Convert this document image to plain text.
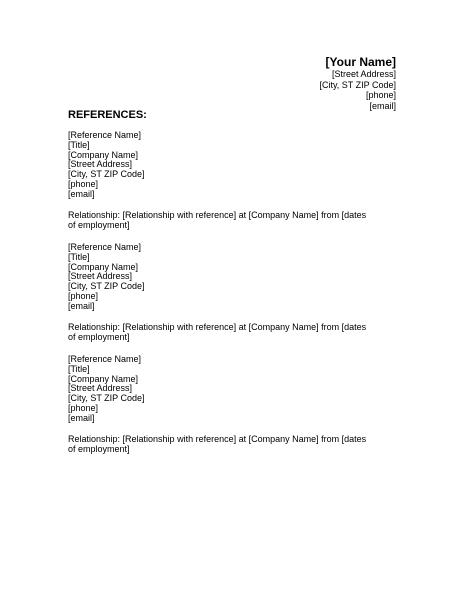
[Your Name]
[Street Address]
[City, ST ZIP Code]
[phone]
[email]
REFERENCES:
[Reference Name]
[Title]
[Company Name]
[Street Address]
[City, ST ZIP Code]
[phone]
[email]
Relationship: [Relationship with reference] at [Company Name] from [dates of employment]
[Reference Name]
[Title]
[Company Name]
[Street Address]
[City, ST ZIP Code]
[phone]
[email]
Relationship: [Relationship with reference] at [Company Name] from [dates of employment]
[Reference Name]
[Title]
[Company Name]
[Street Address]
[City, ST ZIP Code]
[phone]
[email]
Relationship: [Relationship with reference] at [Company Name] from [dates of employment]
